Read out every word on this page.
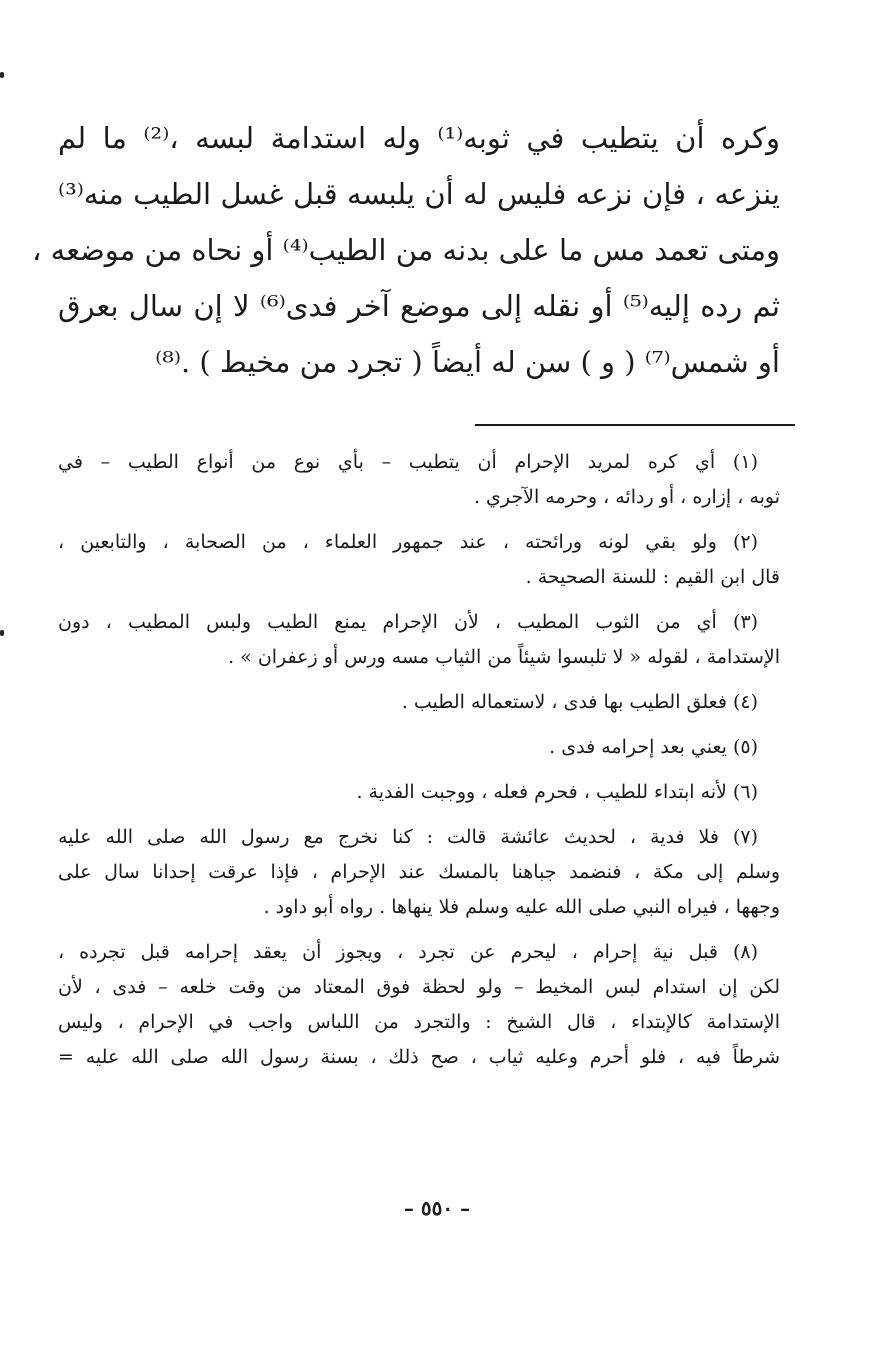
وكره أن يتطيب في ثوبه⁽¹⁾ وله استدامة لبسه ،⁽²⁾ ما لم
ينزعه ، فإن نزعه فليس له أن يلبسه قبل غسل الطيب منه⁽³⁾
ومتى تعمد مس ما على بدنه من الطيب⁽⁴⁾ أو نحاه من موضعه ،
ثم رده إليه⁽⁵⁾ أو نقله إلى موضع آخر فدى⁽⁶⁾ لا إن سال بعرق
أو شمس⁽⁷⁾ ( و ) سن له أيضاً ( تجرد من مخيط ) .⁽⁸⁾
(١) أي كره لمريد الإحرام أن يتطيب – بأي نوع من أنواع الطيب – في
ثوبه ، إزاره ، أو ردائه ، وحرمه الآجري .
(٢) ولو بقي لونه ورائحته ، عند جمهور العلماء ، من الصحابة ، والتابعين ،
قال ابن القيم : للسنة الصحيحة .
(٣) أي من الثوب المطيب ، لأن الإحرام يمنع الطيب ولبس المطيب ، دون
الإستدامة ، لقوله « لا تلبسوا شيئاً من الثياب مسه ورس أو زعفران » .
(٤) فعلق الطيب بها فدى ، لاستعماله الطيب .
(٥) يعني بعد إحرامه فدى .
(٦) لأنه ابتداء للطيب ، فحرم فعله ، ووجبت الفدية .
(٧) فلا فدية ، لحديث عائشة قالت : كنا نخرج مع رسول الله صلى الله عليه
وسلم إلى مكة ، فنضمد جباهنا بالمسك عند الإحرام ، فإذا عرقت إحدانا سال على
وجهها ، فيراه النبي صلى الله عليه وسلم فلا ينهاها . رواه أبو داود .
(٨) قبل نية إحرام ، ليحرم عن تجرد ، ويجوز أن يعقد إحرامه قبل تجرده ،
لكن إن استدام لبس المخيط – ولو لحظة فوق المعتاد من وقت خلعه – فدى ، لأن
الإستدامة كالإبتداء ، قال الشيخ : والتجرد من اللباس واجب في الإحرام ، وليس
شرطاً فيه ، فلو أحرم وعليه ثياب ، صح ذلك ، بسنة رسول الله صلى الله عليه =
– ٥٥٠ –
